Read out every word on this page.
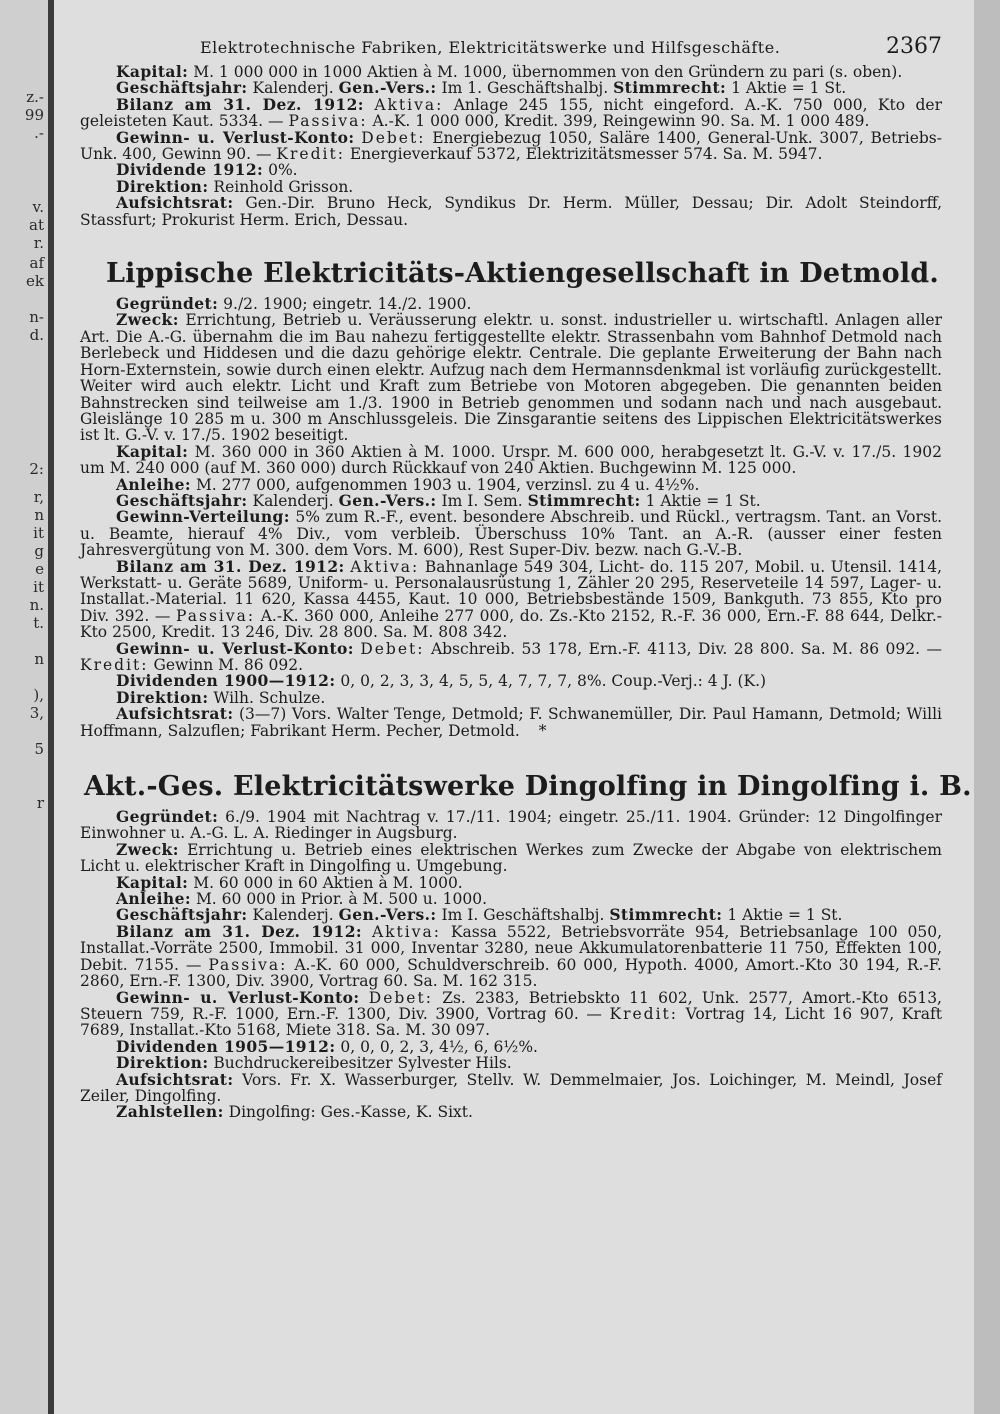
z.-
99
.-
v.
at
r.
af
ek
n-
d.
2:
r,
n
it
g
e
it
n.
t.
n
),
3,
5
r
Elektrotechnische Fabriken, Elektricitätswerke und Hilfsgeschäfte.	2367

Kapital: M. 1 000 000 in 1000 Aktien à M. 1000, übernommen von den Gründern zu pari (s. oben).

Geschäftsjahr: Kalenderj. Gen.-Vers.: Im 1. Geschäftshalbj. Stimmrecht: 1 Aktie = 1 St.

Bilanz am 31. Dez. 1912: Aktiva: Anlage 245 155, nicht eingeford. A.-K. 750 000, Kto der geleisteten Kaut. 5334. — Passiva: A.-K. 1 000 000, Kredit. 399, Reingewinn 90. Sa. M. 1 000 489.

Gewinn- u. Verlust-Konto: Debet: Energiebezug 1050, Saläre 1400, General-Unk. 3007, Betriebs-Unk. 400, Gewinn 90. — Kredit: Energieverkauf 5372, Elektrizitätsmesser 574. Sa. M. 5947.

Dividende 1912: 0%.

Direktion: Reinhold Grisson.

Aufsichtsrat: Gen.-Dir. Bruno Heck, Syndikus Dr. Herm. Müller, Dessau; Dir. Adolt Steindorff, Stassfurt; Prokurist Herm. Erich, Dessau.

Lippische Elektricitäts-Aktiengesellschaft in Detmold.

Gegründet: 9./2. 1900; eingetr. 14./2. 1900.

Zweck: Errichtung, Betrieb u. Veräusserung elektr. u. sonst. industrieller u. wirtschaftl. Anlagen aller Art. Die A.-G. übernahm die im Bau nahezu fertiggestellte elektr. Strassenbahn vom Bahnhof Detmold nach Berlebeck und Hiddesen und die dazu gehörige elektr. Centrale. Die geplante Erweiterung der Bahn nach Horn-Externstein, sowie durch einen elektr. Aufzug nach dem Hermannsdenkmal ist vorläufig zurückgestellt. Weiter wird auch elektr. Licht und Kraft zum Betriebe von Motoren abgegeben. Die genannten beiden Bahnstrecken sind teilweise am 1./3. 1900 in Betrieb genommen und sodann nach und nach ausgebaut. Gleislänge 10 285 m u. 300 m Anschlussgeleis. Die Zinsgarantie seitens des Lippischen Elektricitätswerkes ist lt. G.-V. v. 17./5. 1902 beseitigt.

Kapital: M. 360 000 in 360 Aktien à M. 1000. Urspr. M. 600 000, herabgesetzt lt. G.-V. v. 17./5. 1902 um M. 240 000 (auf M. 360 000) durch Rückkauf von 240 Aktien. Buchgewinn M. 125 000.

Anleihe: M. 277 000, aufgenommen 1903 u. 1904, verzinsl. zu 4 u. 4½%.

Geschäftsjahr: Kalenderj. Gen.-Vers.: Im I. Sem. Stimmrecht: 1 Aktie = 1 St.

Gewinn-Verteilung: 5% zum R.-F., event. besondere Abschreib. und Rückl., vertragsm. Tant. an Vorst. u. Beamte, hierauf 4% Div., vom verbleib. Überschuss 10% Tant. an A.-R. (ausser einer festen Jahresvergütung von M. 300. dem Vors. M. 600), Rest Super-Div. bezw. nach G.-V.-B.

Bilanz am 31. Dez. 1912: Aktiva: Bahnanlage 549 304, Licht- do. 115 207, Mobil. u. Utensil. 1414, Werkstatt- u. Geräte 5689, Uniform- u. Personalausrüstung 1, Zähler 20 295, Reserveteile 14 597, Lager- u. Installat.-Material. 11 620, Kassa 4455, Kaut. 10 000, Betriebsbestände 1509, Bankguth. 73 855, Kto pro Div. 392. — Passiva: A.-K. 360 000, Anleihe 277 000, do. Zs.-Kto 2152, R.-F. 36 000, Ern.-F. 88 644, Delkr.-Kto 2500, Kredit. 13 246, Div. 28 800. Sa. M. 808 342.

Gewinn- u. Verlust-Konto: Debet: Abschreib. 53 178, Ern.-F. 4113, Div. 28 800. Sa. M. 86 092. — Kredit: Gewinn M. 86 092.

Dividenden 1900—1912: 0, 0, 2, 3, 3, 4, 5, 5, 4, 7, 7, 7, 8%. Coup.-Verj.: 4 J. (K.)

Direktion: Wilh. Schulze.

Aufsichtsrat: (3—7) Vors. Walter Tenge, Detmold; F. Schwanemüller, Dir. Paul Hamann, Detmold; Willi Hoffmann, Salzuflen; Fabrikant Herm. Pecher, Detmold. *

Akt.-Ges. Elektricitätswerke Dingolfing in Dingolfing i. B.

Gegründet: 6./9. 1904 mit Nachtrag v. 17./11. 1904; eingetr. 25./11. 1904. Gründer: 12 Dingolfinger Einwohner u. A.-G. L. A. Riedinger in Augsburg.

Zweck: Errichtung u. Betrieb eines elektrischen Werkes zum Zwecke der Abgabe von elektrischem Licht u. elektrischer Kraft in Dingolfing u. Umgebung.

Kapital: M. 60 000 in 60 Aktien à M. 1000.

Anleihe: M. 60 000 in Prior. à M. 500 u. 1000.

Geschäftsjahr: Kalenderj. Gen.-Vers.: Im I. Geschäftshalbj. Stimmrecht: 1 Aktie = 1 St.

Bilanz am 31. Dez. 1912: Aktiva: Kassa 5522, Betriebsvorräte 954, Betriebsanlage 100 050, Installat.-Vorräte 2500, Immobil. 31 000, Inventar 3280, neue Akkumulatorenbatterie 11 750, Effekten 100, Debit. 7155. — Passiva: A.-K. 60 000, Schuldverschreib. 60 000, Hypoth. 4000, Amort.-Kto 30 194, R.-F. 2860, Ern.-F. 1300, Div. 3900, Vortrag 60. Sa. M. 162 315.

Gewinn- u. Verlust-Konto: Debet: Zs. 2383, Betriebskto 11 602, Unk. 2577, Amort.-Kto 6513, Steuern 759, R.-F. 1000, Ern.-F. 1300, Div. 3900, Vortrag 60. — Kredit: Vortrag 14, Licht 16 907, Kraft 7689, Installat.-Kto 5168, Miete 318. Sa. M. 30 097.

Dividenden 1905—1912: 0, 0, 0, 2, 3, 4½, 6, 6½%.

Direktion: Buchdruckereibesitzer Sylvester Hils.

Aufsichtsrat: Vors. Fr. X. Wasserburger, Stellv. W. Demmelmaier, Jos. Loichinger, M. Meindl, Josef Zeiler, Dingolfing.

Zahlstellen: Dingolfing: Ges.-Kasse, K. Sixt.
